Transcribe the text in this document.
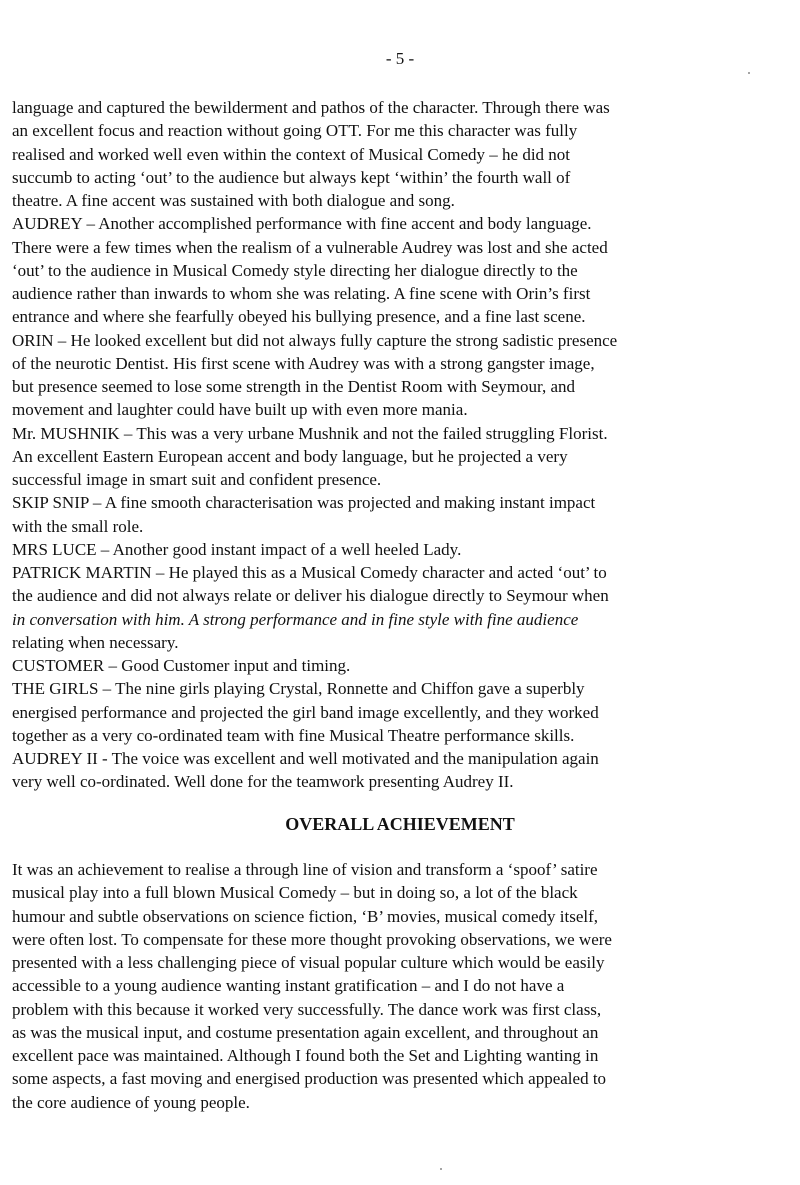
- 5 -
language and captured the bewilderment and pathos of the character. Through there was
an excellent focus and reaction without going OTT. For me this character was fully
realised and worked well even within the context of Musical Comedy – he did not
succumb to acting ‘out’ to the audience but always kept ‘within’ the fourth wall of
theatre. A fine accent was sustained with both dialogue and song.
AUDREY – Another accomplished performance with fine accent and body language.
There were a few times when the realism of a vulnerable Audrey was lost and she acted
‘out’ to the audience in Musical Comedy style directing her dialogue directly to the
audience rather than inwards to whom she was relating. A fine scene with Orin’s first
entrance and where she fearfully obeyed his bullying presence, and a fine last scene.
ORIN – He looked excellent but did not always fully capture the strong sadistic presence
of the neurotic Dentist. His first scene with Audrey was with a strong gangster image,
but presence seemed to lose some strength in the Dentist Room with Seymour, and
movement and laughter could have built up with even more mania.
Mr. MUSHNIK – This was a very urbane Mushnik and not the failed struggling Florist.
An excellent Eastern European accent and body language, but he projected a very
successful image in smart suit and confident presence.
SKIP SNIP – A fine smooth characterisation was projected and making instant impact
with the small role.
MRS LUCE – Another good instant impact of a well heeled Lady.
PATRICK MARTIN – He played this as a Musical Comedy character and acted ‘out’ to
the audience and did not always relate or deliver his dialogue directly to Seymour when
in conversation with him. A strong performance and in fine style with fine audience
relating when necessary.
CUSTOMER – Good Customer input and timing.
THE GIRLS – The nine girls playing Crystal, Ronnette and Chiffon gave a superbly
energised performance and projected the girl band image excellently, and they worked
together as a very co-ordinated team with fine Musical Theatre performance skills.
AUDREY II - The voice was excellent and well motivated and the manipulation again
very well co-ordinated. Well done for the teamwork presenting Audrey II.
OVERALL ACHIEVEMENT
It was an achievement to realise a through line of vision and transform a ‘spoof’ satire
musical play into a full blown Musical Comedy – but in doing so, a lot of the black
humour and subtle observations on science fiction, ‘B’ movies, musical comedy itself,
were often lost. To compensate for these more thought provoking observations, we were
presented with a less challenging piece of visual popular culture which would be easily
accessible to a young audience wanting instant gratification – and I do not have a
problem with this because it worked very successfully. The dance work was first class,
as was the musical input, and costume presentation again excellent, and throughout an
excellent pace was maintained. Although I found both the Set and Lighting wanting in
some aspects, a fast moving and energised production was presented which appealed to
the core audience of young people.
